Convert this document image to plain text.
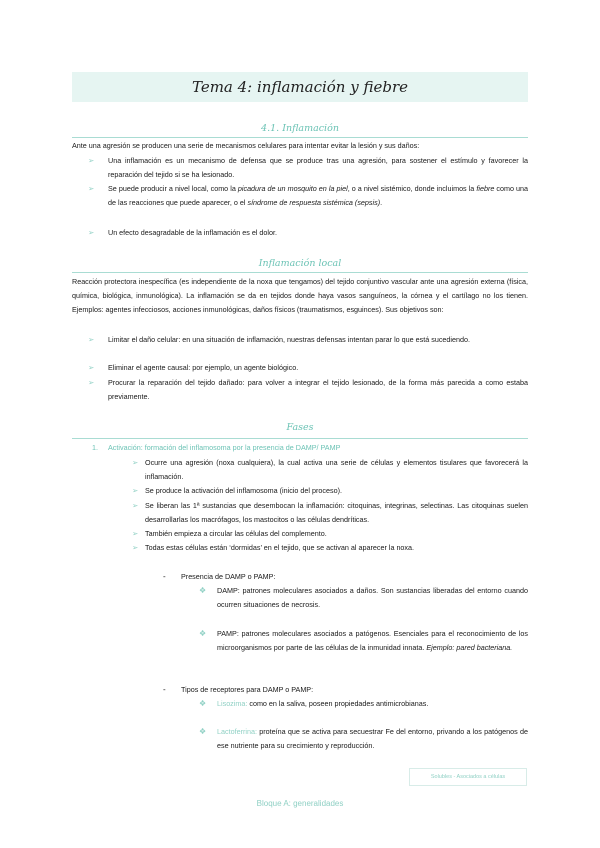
Tema 4: inflamación y fiebre
4.1. Inflamación
Ante una agresión se producen una serie de mecanismos celulares para intentar evitar la lesión y sus daños:
➢ Una inflamación es un mecanismo de defensa que se produce tras una agresión, para sostener el estímulo y favorecer la reparación del tejido si se ha lesionado.
➢ Se puede producir a nivel local, como la picadura de un mosquito en la piel, o a nivel sistémico, donde incluimos la fiebre como una de las reacciones que puede aparecer, o el síndrome de respuesta sistémica (sepsis).
➢ Un efecto desagradable de la inflamación es el dolor.
Inflamación local
Reacción protectora inespecífica (es independiente de la noxa que tengamos) del tejido conjuntivo vascular ante una agresión externa (física, química, biológica, inmunológica). La inflamación se da en tejidos donde haya vasos sanguíneos, la córnea y el cartílago no los tienen. Ejemplos: agentes infecciosos, acciones inmunológicas, daños físicos (traumatismos, esguinces). Sus objetivos son:
➢ Limitar el daño celular: en una situación de inflamación, nuestras defensas intentan parar lo que está sucediendo.
➢ Eliminar el agente causal: por ejemplo, un agente biológico.
➢ Procurar la reparación del tejido dañado: para volver a integrar el tejido lesionado, de la forma más parecida a como estaba previamente.
Fases
1. Activación: formación del inflamosoma por la presencia de DAMP/ PAMP
➢ Ocurre una agresión (noxa cualquiera), la cual activa una serie de células y elementos tisulares que favorecerá la inflamación.
➢ Se produce la activación del inflamosoma (inicio del proceso).
➢ Se liberan las 1ª sustancias que desembocan la inflamación: citoquinas, integrinas, selectinas. Las citoquinas suelen desarrollarlas los macrófagos, los mastocitos o las células dendríticas.
➢ También empieza a circular las células del complemento.
➢ Todas estas células están ‘dormidas’ en el tejido, que se activan al aparecer la noxa.
- Presencia de DAMP o PAMP:
❖ DAMP: patrones moleculares asociados a daños. Son sustancias liberadas del entorno cuando ocurren situaciones de necrosis.
❖ PAMP: patrones moleculares asociados a patógenos. Esenciales para el reconocimiento de los microorganismos por parte de las células de la inmunidad innata. Ejemplo: pared bacteriana.
- Tipos de receptores para DAMP o PAMP:
❖ Lisozima: como en la saliva, poseen propiedades antimicrobianas.
❖ Lactoferrina: proteína que se activa para secuestrar Fe del entorno, privando a los patógenos de ese nutriente para su crecimiento y reproducción.
Solubles - Asociados a células
Bloque A: generalidades
